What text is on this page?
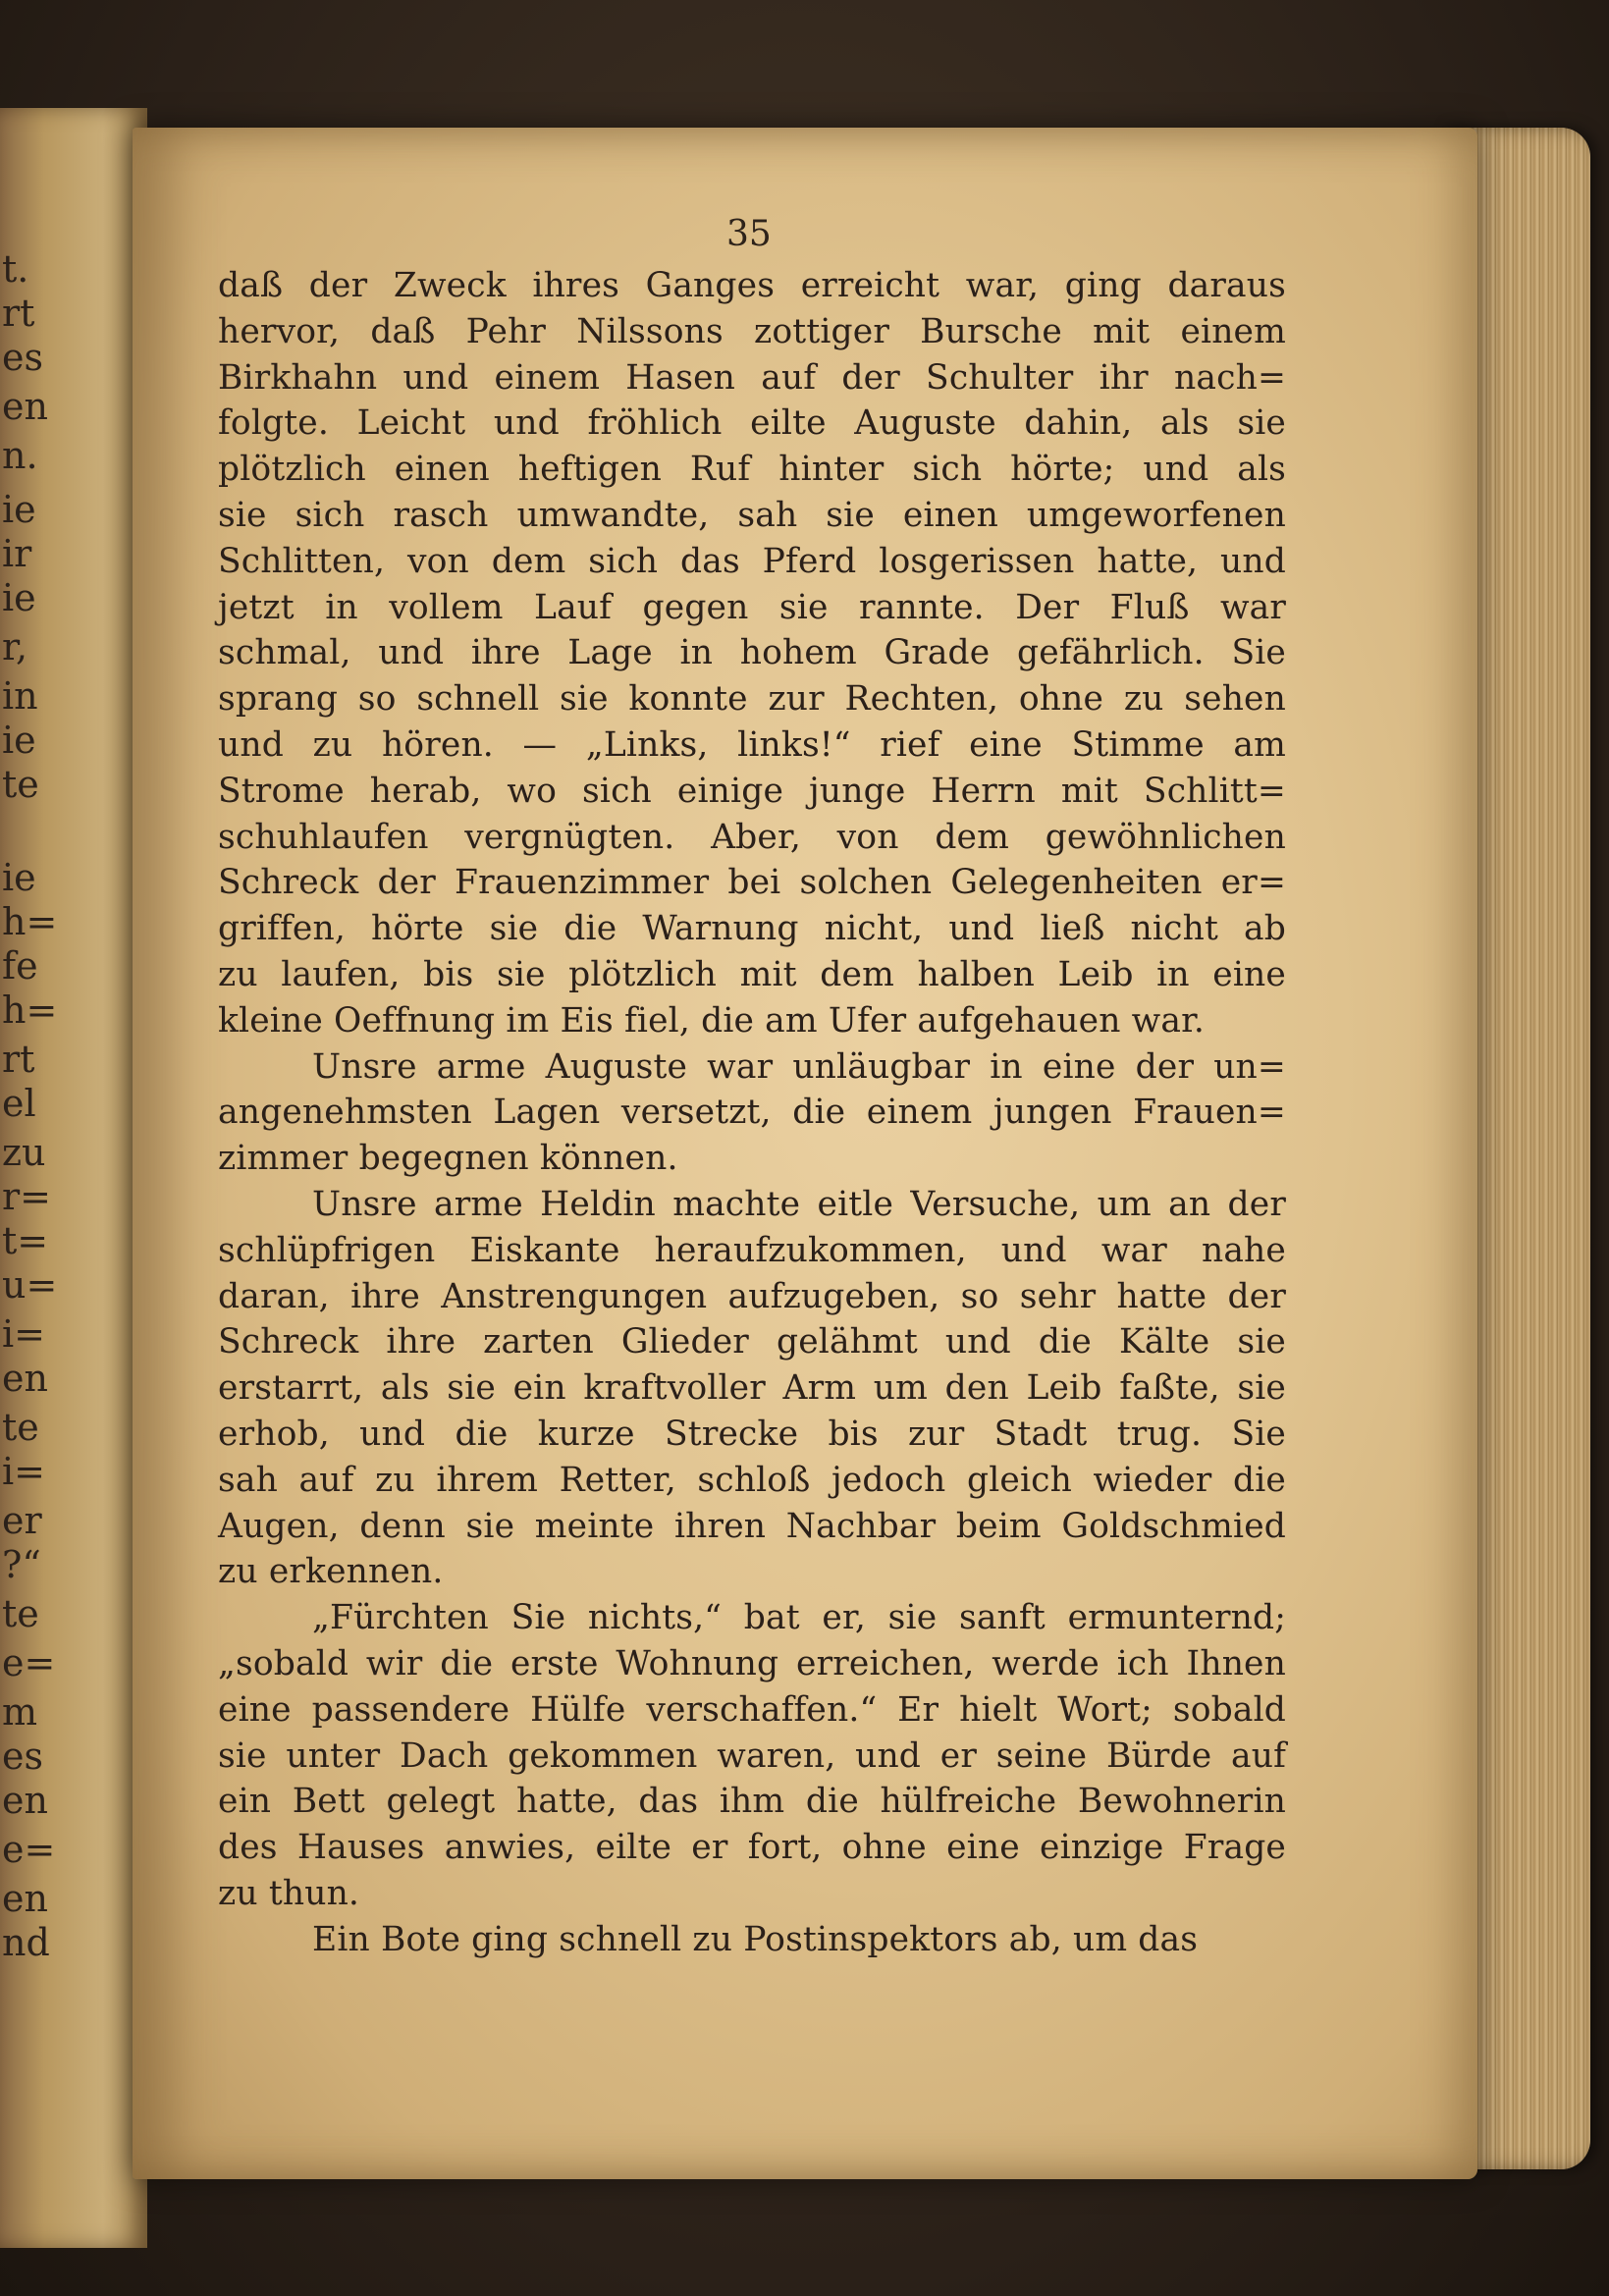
t.
rt
es
en
n.
ie
ir
ie
r,
in
ie
te
ie
h=
fe
h=
rt
el
zu
r=
t=
u=
i=
en
te
i=
er
?“
te
e=
m
es
en
e=
en
nd
35
daß der Zweck ihres Ganges erreicht war, ging daraus
hervor, daß Pehr Nilssons zottiger Bursche mit einem
Birkhahn und einem Hasen auf der Schulter ihr nach=
folgte. Leicht und fröhlich eilte Auguste dahin, als sie
plötzlich einen heftigen Ruf hinter sich hörte; und als
sie sich rasch umwandte, sah sie einen umgeworfenen
Schlitten, von dem sich das Pferd losgerissen hatte, und
jetzt in vollem Lauf gegen sie rannte. Der Fluß war
schmal, und ihre Lage in hohem Grade gefährlich. Sie
sprang so schnell sie konnte zur Rechten, ohne zu sehen
und zu hören. — „Links, links!“ rief eine Stimme am
Strome herab, wo sich einige junge Herrn mit Schlitt=
schuhlaufen vergnügten. Aber, von dem gewöhnlichen
Schreck der Frauenzimmer bei solchen Gelegenheiten er=
griffen, hörte sie die Warnung nicht, und ließ nicht ab
zu laufen, bis sie plötzlich mit dem halben Leib in eine
kleine Oeffnung im Eis fiel, die am Ufer aufgehauen war.
Unsre arme Auguste war unläugbar in eine der un=
angenehmsten Lagen versetzt, die einem jungen Frauen=
zimmer begegnen können.
Unsre arme Heldin machte eitle Versuche, um an der
schlüpfrigen Eiskante heraufzukommen, und war nahe
daran, ihre Anstrengungen aufzugeben, so sehr hatte der
Schreck ihre zarten Glieder gelähmt und die Kälte sie
erstarrt, als sie ein kraftvoller Arm um den Leib faßte, sie
erhob, und die kurze Strecke bis zur Stadt trug. Sie
sah auf zu ihrem Retter, schloß jedoch gleich wieder die
Augen, denn sie meinte ihren Nachbar beim Goldschmied
zu erkennen.
„Fürchten Sie nichts,“ bat er, sie sanft ermunternd;
„sobald wir die erste Wohnung erreichen, werde ich Ihnen
eine passendere Hülfe verschaffen.“ Er hielt Wort; sobald
sie unter Dach gekommen waren, und er seine Bürde auf
ein Bett gelegt hatte, das ihm die hülfreiche Bewohnerin
des Hauses anwies, eilte er fort, ohne eine einzige Frage
zu thun.
Ein Bote ging schnell zu Postinspektors ab, um das
